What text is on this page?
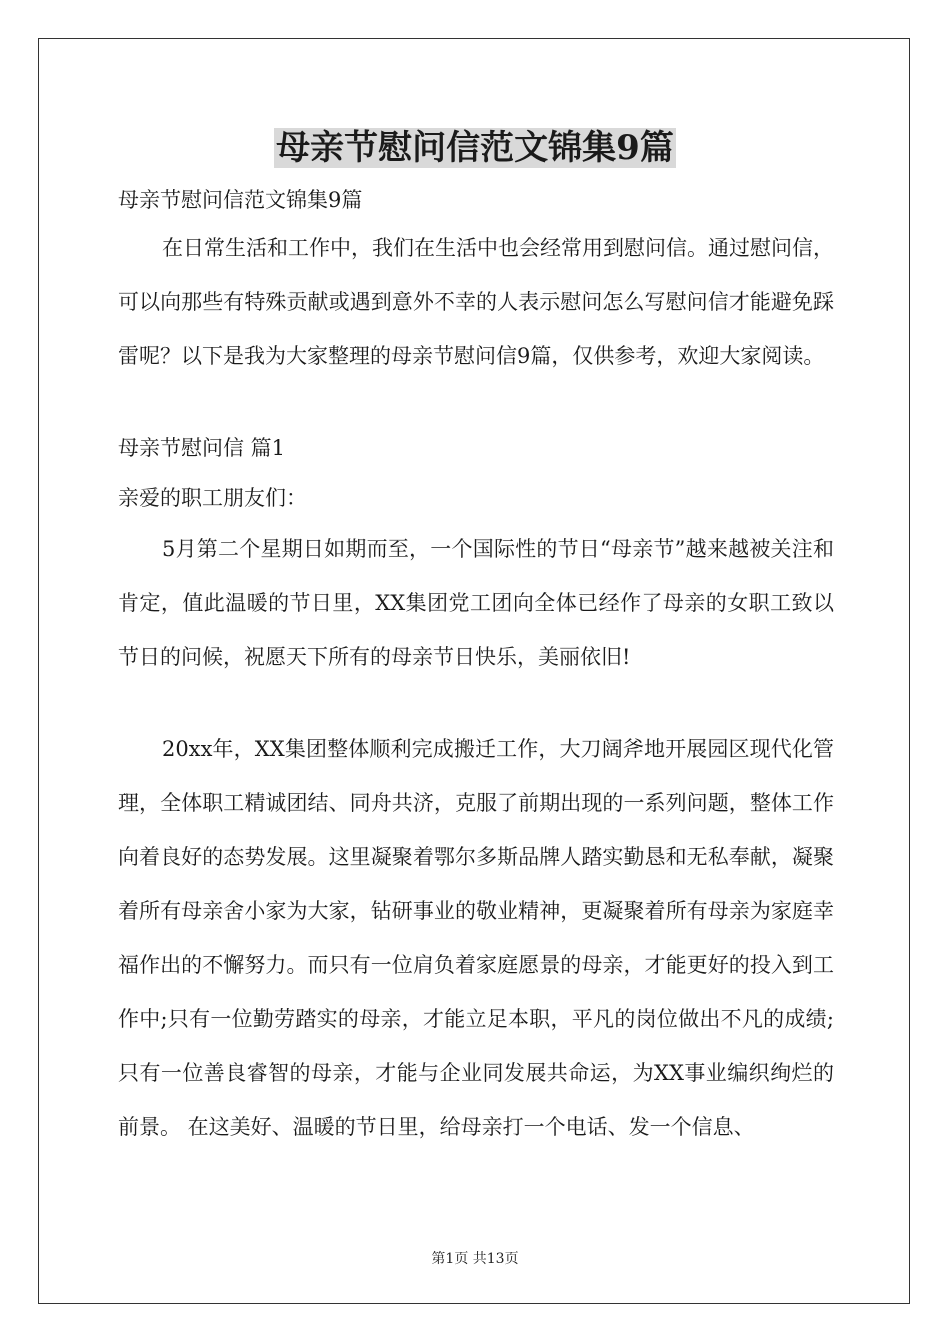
母亲节慰问信范文锦集9篇
母亲节慰问信范文锦集9篇

在日常生活和工作中，我们在生活中也会经常用到慰问信。通过慰问信，可以向那些有特殊贡献或遇到意外不幸的人表示慰问怎么写慰问信才能避免踩雷呢？以下是我为大家整理的母亲节慰问信9篇，仅供参考，欢迎大家阅读。

母亲节慰问信 篇1
亲爱的职工朋友们：

5月第二个星期日如期而至，一个国际性的节日“母亲节”越来越被关注和肯定，值此温暖的节日里，XX集团党工团向全体已经作了母亲的女职工致以节日的问候，祝愿天下所有的母亲节日快乐，美丽依旧!

20xx年，XX集团整体顺利完成搬迁工作，大刀阔斧地开展园区现代化管理，全体职工精诚团结、同舟共济，克服了前期出现的一系列问题，整体工作向着良好的态势发展。这里凝聚着鄂尔多斯品牌人踏实勤恳和无私奉献，凝聚着所有母亲舍小家为大家，钻研事业的敬业精神，更凝聚着所有母亲为家庭幸福作出的不懈努力。而只有一位肩负着家庭愿景的母亲，才能更好的投入到工作中;只有一位勤劳踏实的母亲，才能立足本职，平凡的岗位做出不凡的成绩;只有一位善良睿智的母亲，才能与企业同发展共命运，为XX事业编织绚烂的前景。 在这美好、温暖的节日里，给母亲打一个电话、发一个信息、

第1页 共13页
